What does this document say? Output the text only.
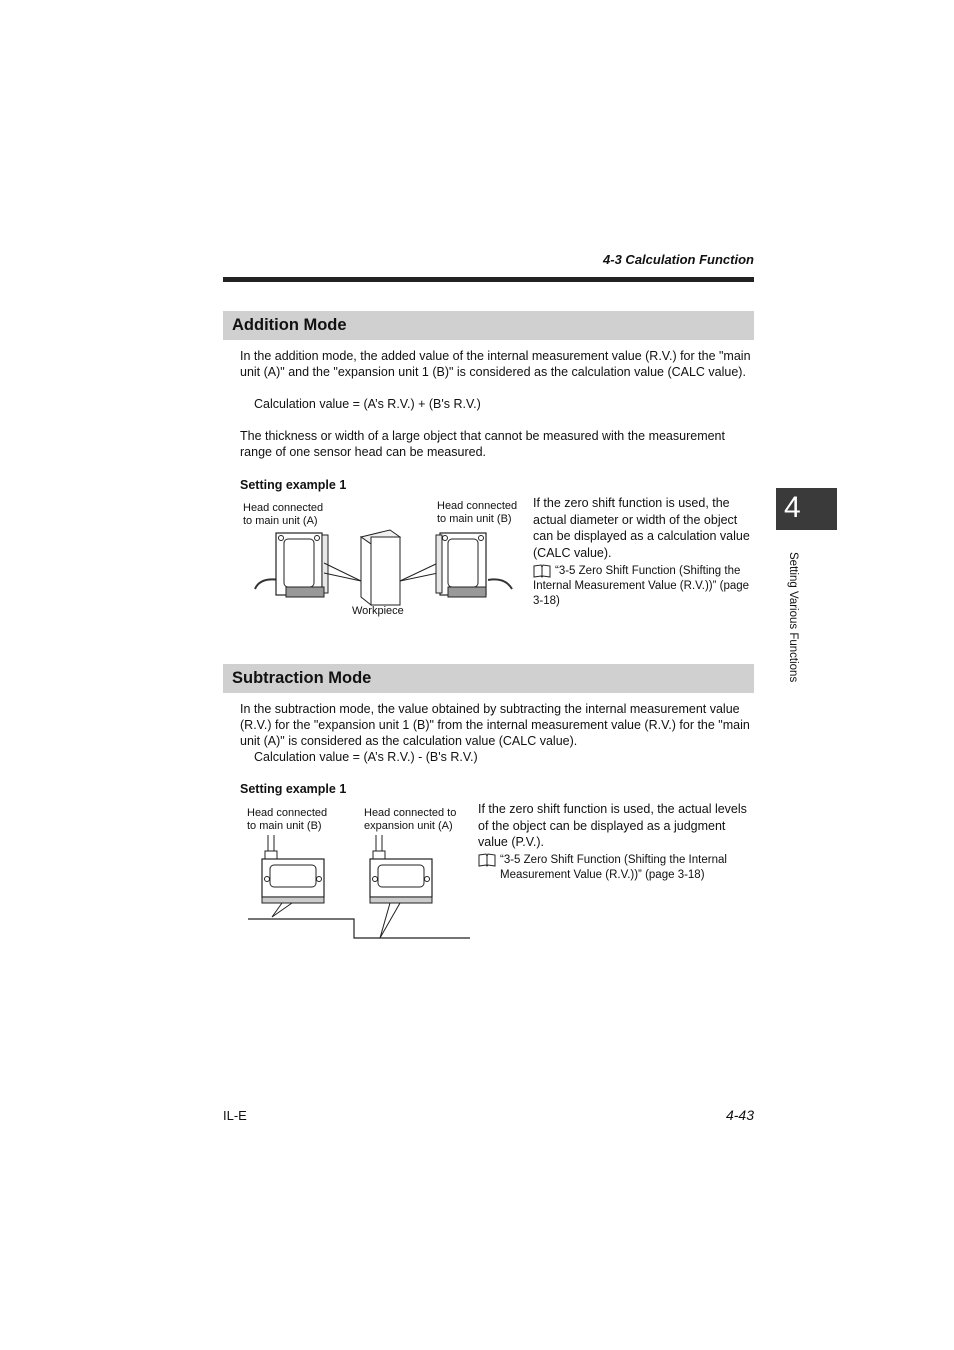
4-3 Calculation Function
4
Setting Various Functions
Addition Mode
In the addition mode, the added value of the internal measurement value (R.V.) for the "main unit (A)" and the "expansion unit 1 (B)" is considered as the calculation value (CALC value).
Calculation value = (A’s R.V.) + (B's R.V.)
The thickness or width of a large object that cannot be measured with the measurement range of one sensor head can be measured.
Setting example 1
Head connected
to main unit (A)
Head connected
to main unit (B)
Workpiece
If the zero shift function is used, the actual diameter or width of the object can be displayed as a calculation value (CALC value).
“3-5 Zero Shift Function (Shifting the Internal Measurement Value (R.V.))” (page 3-18)
Subtraction Mode
In the subtraction mode, the value obtained by subtracting the internal measurement value (R.V.) for the "expansion unit 1 (B)" from the internal measurement value (R.V.) for the "main unit (A)" is considered as the calculation value (CALC value).
Calculation value = (A’s R.V.) - (B's R.V.)
Setting example 1
Head connected
to main unit (B)
Head connected to
expansion unit (A)
If the zero shift function is used, the actual levels of the object can be displayed as a judgment value (P.V.).
“3-5 Zero Shift Function (Shifting the Internal Measurement Value (R.V.))” (page 3-18)
IL-E	4-43
